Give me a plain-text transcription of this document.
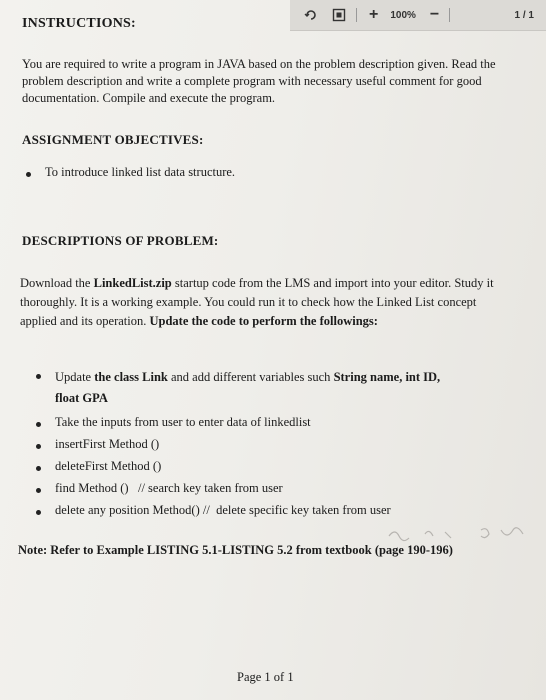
+ 100% −	1 / 1
INSTRUCTIONS:
You are required to write a program in JAVA based on the problem description given. Read the
problem description and write a complete program with necessary useful comment for good
documentation. Compile and execute the program.
ASSIGNMENT OBJECTIVES:
To introduce linked list data structure.
DESCRIPTIONS OF PROBLEM:
Download the LinkedList.zip startup code from the LMS and import into your editor. Study it
thoroughly. It is a working example. You could run it to check how the Linked List concept
applied and its operation. Update the code to perform the followings:
Update the class Link and add different variables such String name, int ID,
float GPA
Take the inputs from user to enter data of linkedlist
insertFirst Method ()
deleteFirst Method ()
find Method ()   // search key taken from user
delete any position Method() //  delete specific key taken from user
Note: Refer to Example LISTING 5.1-LISTING 5.2 from textbook (page 190-196)
Page 1 of 1
